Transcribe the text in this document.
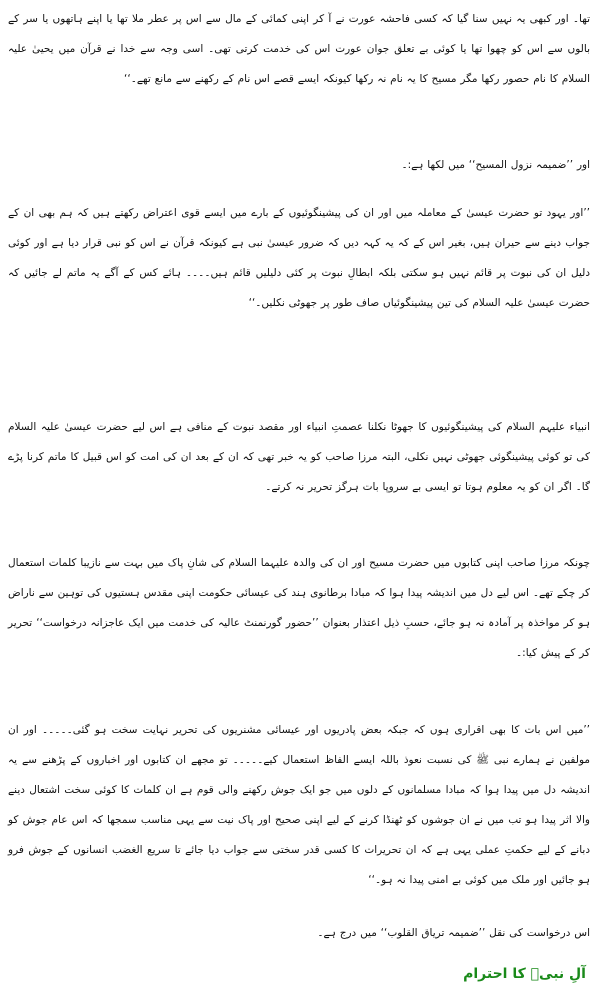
تھا۔ اور کبھی یہ نہیں سنا گیا کہ کسی فاحشہ عورت نے آ کر اپنی کمائی کے مال سے اس پر عطر ملا تھا یا اپنے ہاتھوں یا سر کے بالوں سے اس کو چھوا تھا یا کوئی بے تعلق جوان عورت اس کی خدمت کرتی تھی۔ اسی وجہ سے خدا نے قرآن میں یحییٰ علیہ السلام کا نام حصور رکھا مگر مسیح کا یہ نام نہ رکھا کیونکہ ایسے قصے اس نام کے رکھنے سے مانع تھے۔‘‘

اور ’’ضمیمہ نزول المسیح‘‘ میں لکھا ہے:۔

’’اور یہود تو حضرت عیسیٰ کے معاملہ میں اور ان کی پیشینگوئیوں کے بارے میں ایسے قوی اعتراض رکھتے ہیں کہ ہم بھی ان کے جواب دینے سے حیران ہیں، بغیر اس کے کہ یہ کہہ دیں کہ ضرور عیسیٰ نبی ہے کیونکہ قرآن نے اس کو نبی قرار دیا ہے اور کوئی دلیل ان کی نبوت پر قائم نہیں ہو سکتی بلکہ ابطالِ نبوت پر کئی دلیلیں قائم ہیں۔۔۔۔ ہائے کس کے آگے یہ ماتم لے جائیں کہ حضرت عیسیٰ علیہ السلام کی تین پیشینگوئیاں صاف طور پر جھوٹی نکلیں۔‘‘

انبیاء علیہم السلام کی پیشینگوئیوں کا جھوٹا نکلنا عصمتِ انبیاء اور مقصد نبوت کے منافی ہے اس لیے حضرت عیسیٰ علیہ السلام کی تو کوئی پیشینگوئی جھوٹی نہیں نکلی، البتہ مرزا صاحب کو یہ خبر تھی کہ ان کے بعد ان کی امت کو اس قبیل کا ماتم کرنا پڑے گا۔ اگر ان کو یہ معلوم ہوتا تو ایسی بے سروپا بات ہرگز تحریر نہ کرتے۔

چونکہ مرزا صاحب اپنی کتابوں میں حضرت مسیح اور ان کی والدہ علیہما السلام کی شانِ پاک میں بہت سے نازیبا کلمات استعمال کر چکے تھے۔ اس لیے دل میں اندیشہ پیدا ہوا کہ مبادا برطانوی ہند کی عیسائی حکومت اپنی مقدس ہستیوں کی توہین سے ناراض ہو کر مواخذہ پر آمادہ نہ ہو جائے، حسبِ ذیل اعتذار بعنوان ’’حضور گورنمنٹ عالیہ کی خدمت میں ایک عاجزانہ درخواست‘‘ تحریر کر کے پیش کیا:۔

’’میں اس بات کا بھی اقراری ہوں کہ جبکہ بعض پادریوں اور عیسائی مشنریوں کی تحریر نہایت سخت ہو گئی۔۔۔۔۔ اور ان مولفین نے ہمارے نبی ﷺ کی نسبت نعوذ باللہ ایسے الفاظ استعمال کیے۔۔۔۔۔ تو مجھے ان کتابوں اور اخباروں کے پڑھنے سے یہ اندیشہ دل میں پیدا ہوا کہ مبادا مسلمانوں کے دلوں میں جو ایک جوش رکھنے والی قوم ہے ان کلمات کا کوئی سخت اشتعال دینے والا اثر پیدا ہو تب میں نے ان جوشوں کو ٹھنڈا کرنے کے لیے اپنی صحیح اور پاک نیت سے یہی مناسب سمجھا کہ اس عام جوش کو دبانے کے لیے حکمتِ عملی یہی ہے کہ ان تحریرات کا کسی قدر سختی سے جواب دیا جائے تا سریع الغضب انسانوں کے جوش فرو ہو جائیں اور ملک میں کوئی بے امنی پیدا نہ ہو۔‘‘

اس درخواست کی نقل ’’ضمیمہ تریاق القلوب‘‘ میں درج ہے۔

آلِ نبیؐ کا احترام
